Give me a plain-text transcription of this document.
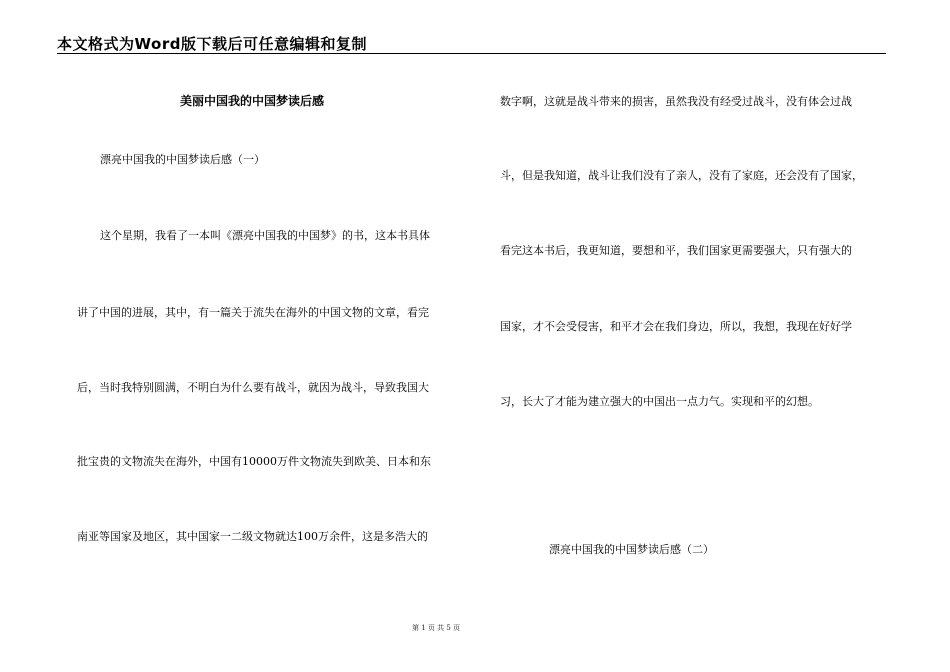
本文格式为Word版下载后可任意编辑和复制
美丽中国我的中国梦读后感
漂亮中国我的中国梦读后感（一）
这个星期，我看了一本叫《漂亮中国我的中国梦》的书，这本书具体
讲了中国的进展，其中，有一篇关于流失在海外的中国文物的文章，看完
后，当时我特别圆满，不明白为什么要有战斗，就因为战斗，导致我国大
批宝贵的文物流失在海外，中国有10000万件文物流失到欧美、日本和东
南亚等国家及地区，其中国家一二级文物就达100万余件，这是多浩大的
数字啊，这就是战斗带来的损害，虽然我没有经受过战斗，没有体会过战
斗，但是我知道，战斗让我们没有了亲人，没有了家庭，还会没有了国家，
看完这本书后，我更知道，要想和平，我们国家更需要强大，只有强大的
国家，才不会受侵害，和平才会在我们身边，所以，我想，我现在好好学
习，长大了才能为建立强大的中国出一点力气。实现和平的幻想。
漂亮中国我的中国梦读后感（二）
第 1 页 共 5 页
